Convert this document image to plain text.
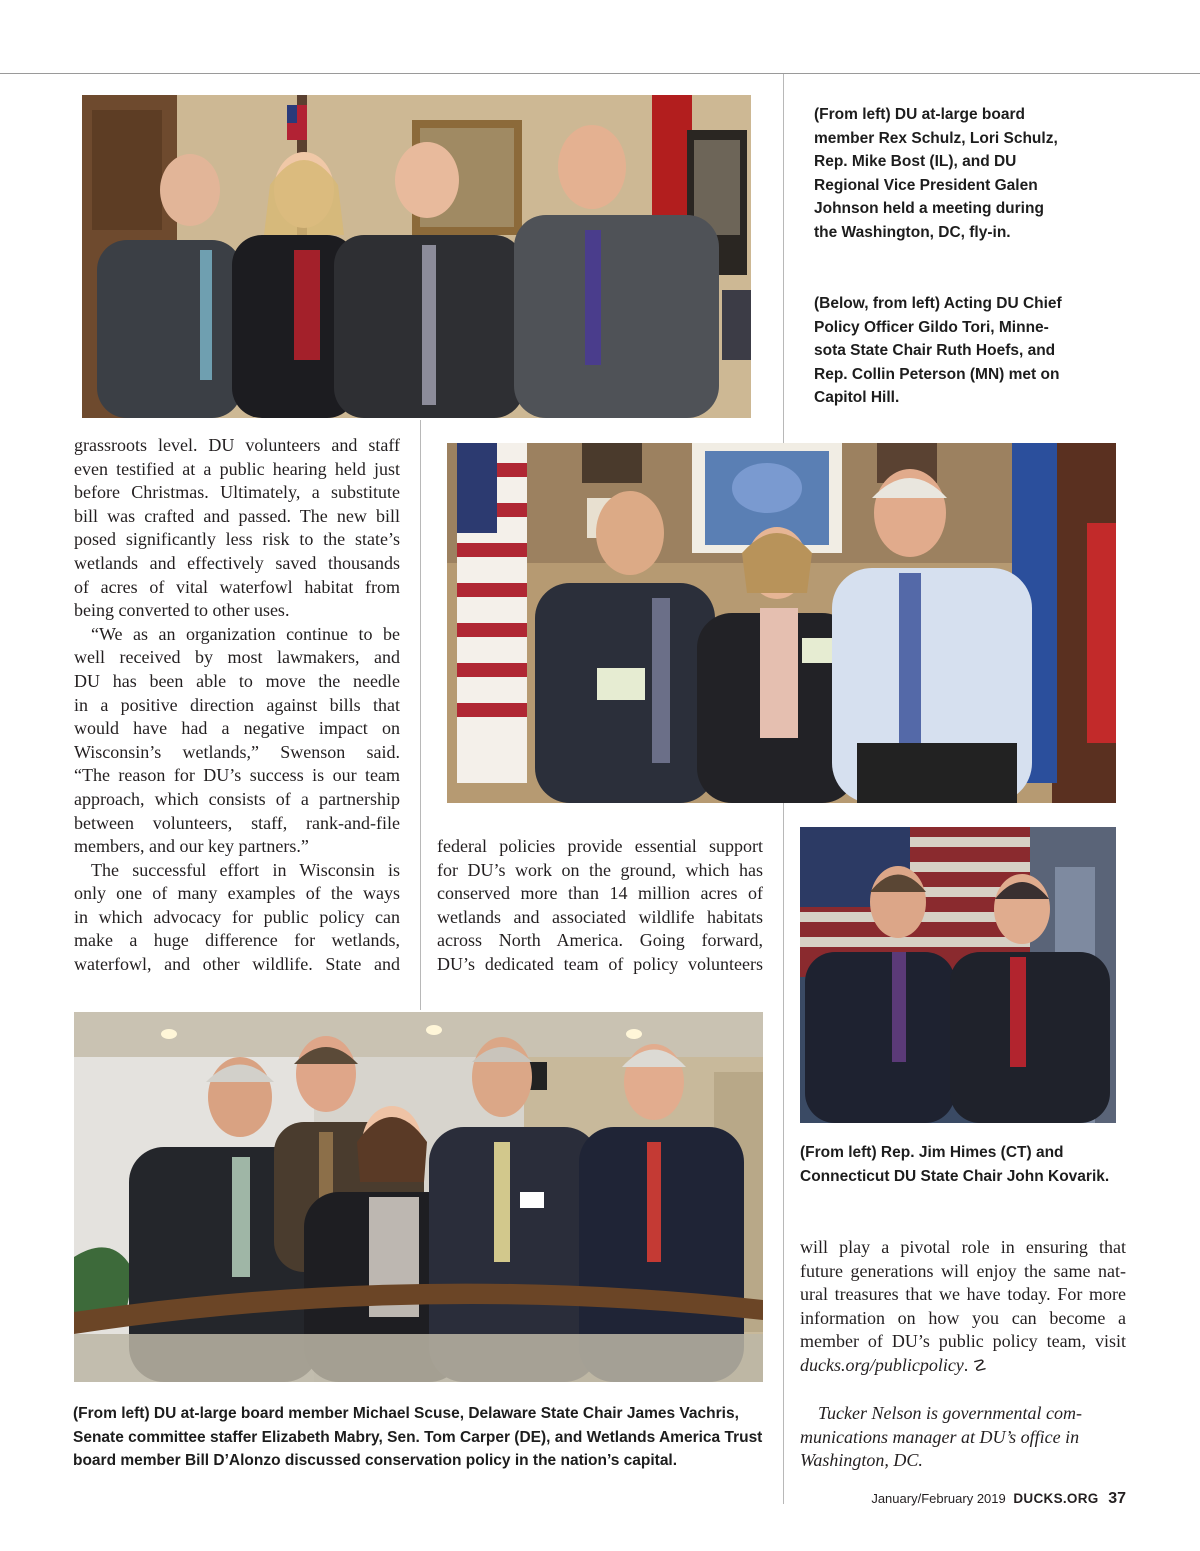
(From left) DU at-large board
member Rex Schulz, Lori Schulz,
Rep. Mike Bost (IL), and DU
Regional Vice President Galen
Johnson held a meeting during
the Washington, DC, fly-in.

(Below, from left) Acting DU Chief
Policy Officer Gildo Tori, Minne-
sota State Chair Ruth Hoefs, and
Rep. Collin Peterson (MN) met on
Capitol Hill.

grassroots level. DU volunteers and staff
even testified at a public hearing held just
before Christmas. Ultimately, a substitute
bill was crafted and passed. The new bill
posed significantly less risk to the state’s
wetlands and effectively saved thousands
of acres of vital waterfowl habitat from
being converted to other uses.
“We as an organization continue to be
well received by most lawmakers, and
DU has been able to move the needle
in a positive direction against bills that
would have had a negative impact on
Wisconsin’s wetlands,” Swenson said.
“The reason for DU’s success is our team
approach, which consists of a partnership
between volunteers, staff, rank-and-file
members, and our key partners.”
The successful effort in Wisconsin is
only one of many examples of the ways
in which advocacy for public policy can
make a huge difference for wetlands,
waterfowl, and other wildlife. State and
federal policies provide essential support
for DU’s work on the ground, which has
conserved more than 14 million acres of
wetlands and associated wildlife habitats
across North America. Going forward,
DU’s dedicated team of policy volunteers

(From left) Rep. Jim Himes (CT) and
Connecticut DU State Chair John Kovarik.

will play a pivotal role in ensuring that
future generations will enjoy the same nat-
ural treasures that we have today. For more
information on how you can become a
member of DU’s public policy team, visit
ducks.org/publicpolicy. ☡
Tucker Nelson is governmental com-
munications manager at DU’s office in
Washington, DC.

(From left) DU at-large board member Michael Scuse, Delaware State Chair James Vachris,
Senate committee staffer Elizabeth Mabry, Sen. Tom Carper (DE), and Wetlands America Trust
board member Bill D’Alonzo discussed conservation policy in the nation’s capital.

January/February 2019 DUCKS.ORG 37
